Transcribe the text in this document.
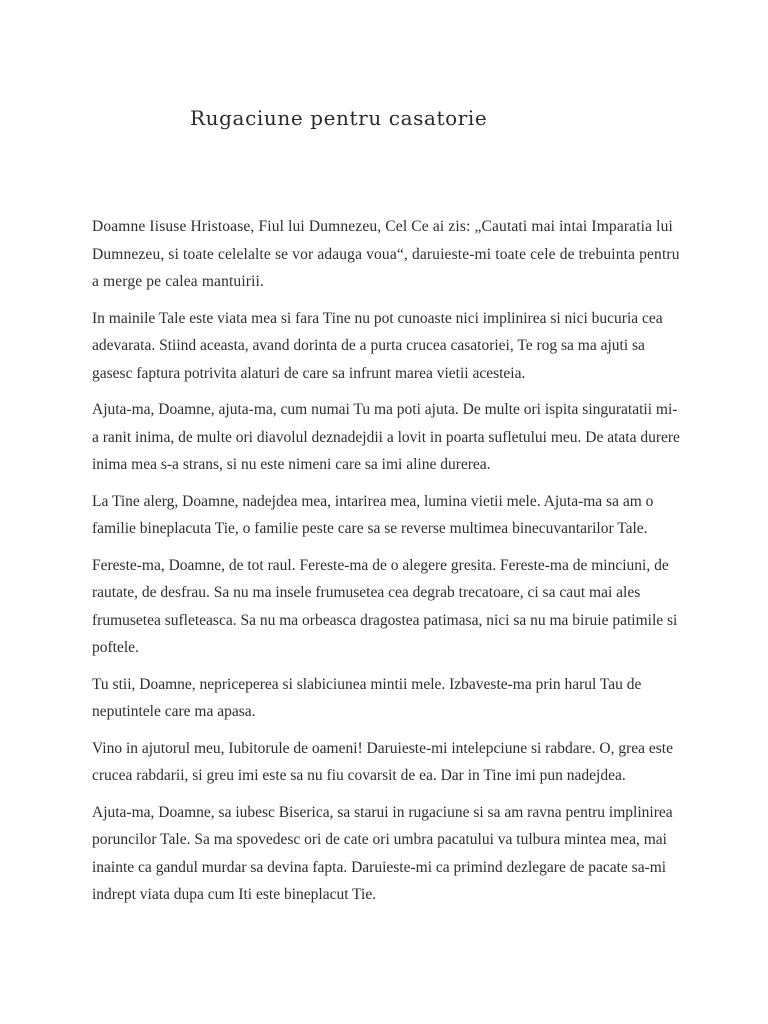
Rugaciune pentru casatorie

Doamne Iisuse Hristoase, Fiul lui Dumnezeu, Cel Ce ai zis: „Cautati mai intai Imparatia lui Dumnezeu, si toate celelalte se vor adauga voua“, daruieste-mi toate cele de trebuinta pentru a merge pe calea mantuirii.

In mainile Tale este viata mea si fara Tine nu pot cunoaste nici implinirea si nici bucuria cea adevarata. Stiind aceasta, avand dorinta de a purta crucea casatoriei, Te rog sa ma ajuti sa gasesc faptura potrivita alaturi de care sa infrunt marea vietii acesteia.

Ajuta-ma, Doamne, ajuta-ma, cum numai Tu ma poti ajuta. De multe ori ispita singuratatii mi-a ranit inima, de multe ori diavolul deznadejdii a lovit in poarta sufletului meu. De atata durere inima mea s-a strans, si nu este nimeni care sa imi aline durerea.

La Tine alerg, Doamne, nadejdea mea, intarirea mea, lumina vietii mele. Ajuta-ma sa am o familie bineplacuta Tie, o familie peste care sa se reverse multimea binecuvantarilor Tale.

Fereste-ma, Doamne, de tot raul. Fereste-ma de o alegere gresita. Fereste-ma de minciuni, de rautate, de desfrau. Sa nu ma insele frumusetea cea degrab trecatoare, ci sa caut mai ales frumusetea sufleteasca. Sa nu ma orbeasca dragostea patimasa, nici sa nu ma biruie patimile si poftele.

Tu stii, Doamne, nepriceperea si slabiciunea mintii mele. Izbaveste-ma prin harul Tau de neputintele care ma apasa.

Vino in ajutorul meu, Iubitorule de oameni! Daruieste-mi intelepciune si rabdare. O, grea este crucea rabdarii, si greu imi este sa nu fiu covarsit de ea. Dar in Tine imi pun nadejdea.

Ajuta-ma, Doamne, sa iubesc Biserica, sa starui in rugaciune si sa am ravna pentru implinirea poruncilor Tale. Sa ma spovedesc ori de cate ori umbra pacatului va tulbura mintea mea, mai inainte ca gandul murdar sa devina fapta. Daruieste-mi ca primind dezlegare de pacate sa-mi indrept viata dupa cum Iti este bineplacut Tie.
